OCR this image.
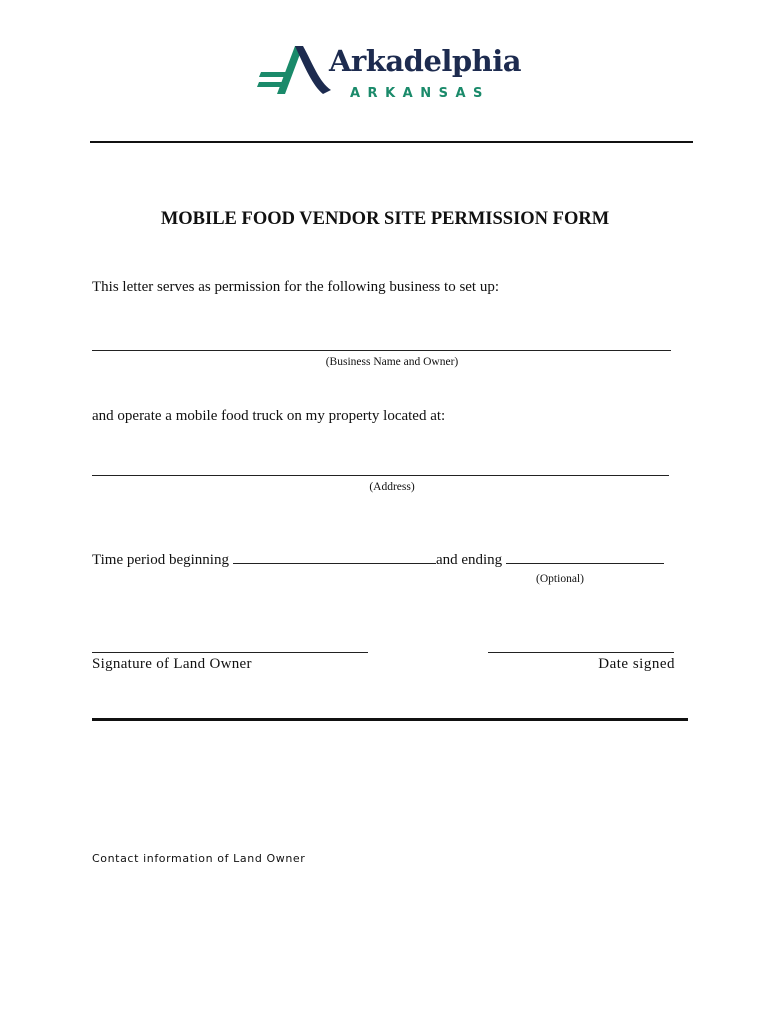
Arkadelphia
ARKANSAS
MOBILE FOOD VENDOR SITE PERMISSION FORM
This letter serves as permission for the following business to set up:
(Business Name and Owner)
and operate a mobile food truck on my property located at:
(Address)
Time period beginning	and ending
(Optional)
Signature of Land Owner	Date signed
Contact information of Land Owner
